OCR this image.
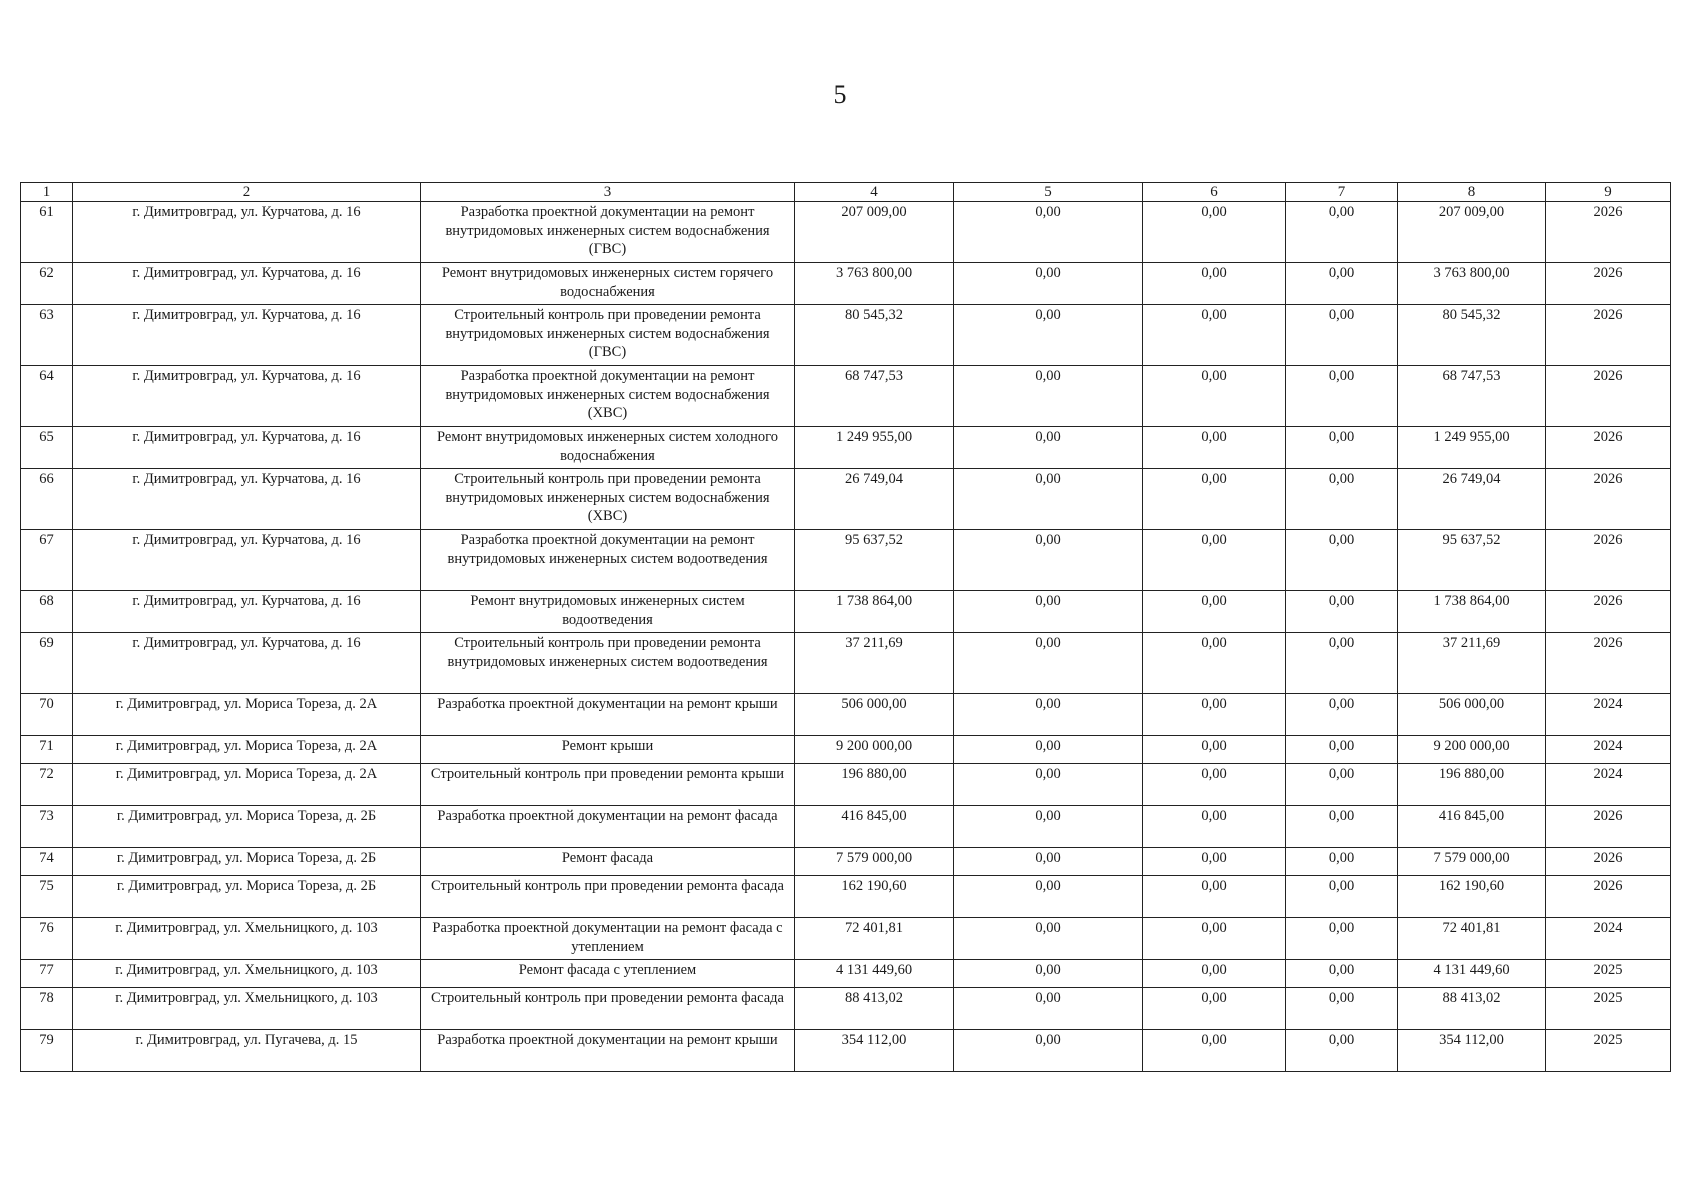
5
1	2	3	4	5	6	7	8	9
61	г. Димитровград, ул. Курчатова, д. 16	Разработка проектной документации на ремонт внутридомовых инженерных систем водоснабжения (ГВС)	207 009,00	0,00	0,00	0,00	207 009,00	2026
62	г. Димитровград, ул. Курчатова, д. 16	Ремонт внутридомовых инженерных систем горячего водоснабжения	3 763 800,00	0,00	0,00	0,00	3 763 800,00	2026
63	г. Димитровград, ул. Курчатова, д. 16	Строительный контроль при проведении ремонта внутридомовых инженерных систем водоснабжения (ГВС)	80 545,32	0,00	0,00	0,00	80 545,32	2026
64	г. Димитровград, ул. Курчатова, д. 16	Разработка проектной документации на ремонт внутридомовых инженерных систем водоснабжения (ХВС)	68 747,53	0,00	0,00	0,00	68 747,53	2026
65	г. Димитровград, ул. Курчатова, д. 16	Ремонт внутридомовых инженерных систем холодного водоснабжения	1 249 955,00	0,00	0,00	0,00	1 249 955,00	2026
66	г. Димитровград, ул. Курчатова, д. 16	Строительный контроль при проведении ремонта внутридомовых инженерных систем водоснабжения (ХВС)	26 749,04	0,00	0,00	0,00	26 749,04	2026
67	г. Димитровград, ул. Курчатова, д. 16	Разработка проектной документации на ремонт внутридомовых инженерных систем водоотведения	95 637,52	0,00	0,00	0,00	95 637,52	2026
68	г. Димитровград, ул. Курчатова, д. 16	Ремонт внутридомовых инженерных систем водоотведения	1 738 864,00	0,00	0,00	0,00	1 738 864,00	2026
69	г. Димитровград, ул. Курчатова, д. 16	Строительный контроль при проведении ремонта внутридомовых инженерных систем водоотведения	37 211,69	0,00	0,00	0,00	37 211,69	2026
70	г. Димитровград, ул. Мориса Тореза, д. 2А	Разработка проектной документации на ремонт крыши	506 000,00	0,00	0,00	0,00	506 000,00	2024
71	г. Димитровград, ул. Мориса Тореза, д. 2А	Ремонт крыши	9 200 000,00	0,00	0,00	0,00	9 200 000,00	2024
72	г. Димитровград, ул. Мориса Тореза, д. 2А	Строительный контроль при проведении ремонта крыши	196 880,00	0,00	0,00	0,00	196 880,00	2024
73	г. Димитровград, ул. Мориса Тореза, д. 2Б	Разработка проектной документации на ремонт фасада	416 845,00	0,00	0,00	0,00	416 845,00	2026
74	г. Димитровград, ул. Мориса Тореза, д. 2Б	Ремонт фасада	7 579 000,00	0,00	0,00	0,00	7 579 000,00	2026
75	г. Димитровград, ул. Мориса Тореза, д. 2Б	Строительный контроль при проведении ремонта фасада	162 190,60	0,00	0,00	0,00	162 190,60	2026
76	г. Димитровград, ул. Хмельницкого, д. 103	Разработка проектной документации на ремонт фасада с утеплением	72 401,81	0,00	0,00	0,00	72 401,81	2024
77	г. Димитровград, ул. Хмельницкого, д. 103	Ремонт фасада с утеплением	4 131 449,60	0,00	0,00	0,00	4 131 449,60	2025
78	г. Димитровград, ул. Хмельницкого, д. 103	Строительный контроль при проведении ремонта фасада	88 413,02	0,00	0,00	0,00	88 413,02	2025
79	г. Димитровград, ул. Пугачева, д. 15	Разработка проектной документации на ремонт крыши	354 112,00	0,00	0,00	0,00	354 112,00	2025
